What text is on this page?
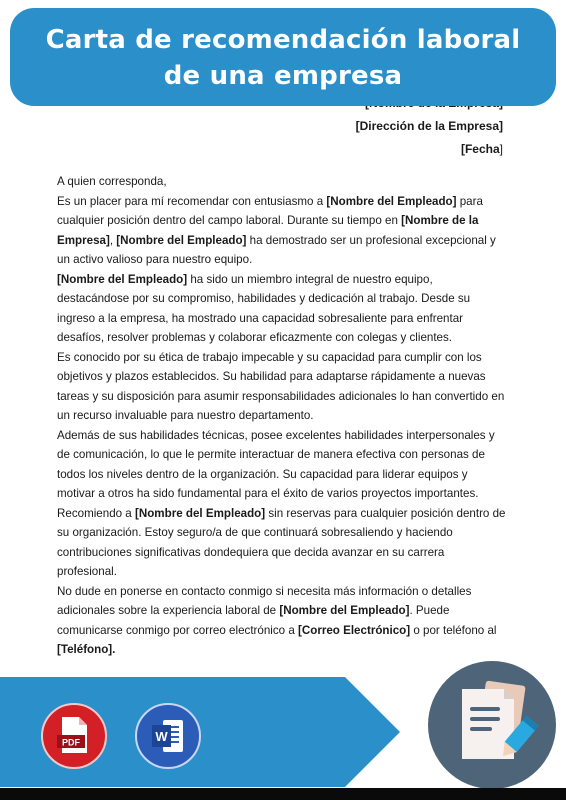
Carta de recomendación laboral de una empresa
[Dirección de la Empresa]
[Fecha]

A quien corresponda,

Es un placer para mí recomendar con entusiasmo a [Nombre del Empleado] para cualquier posición dentro del campo laboral. Durante su tiempo en [Nombre de la Empresa], [Nombre del Empleado] ha demostrado ser un profesional excepcional y un activo valioso para nuestro equipo.

[Nombre del Empleado] ha sido un miembro integral de nuestro equipo, destacándose por su compromiso, habilidades y dedicación al trabajo. Desde su ingreso a la empresa, ha mostrado una capacidad sobresaliente para enfrentar desafíos, resolver problemas y colaborar eficazmente con colegas y clientes.

Es conocido por su ética de trabajo impecable y su capacidad para cumplir con los objetivos y plazos establecidos. Su habilidad para adaptarse rápidamente a nuevas tareas y su disposición para asumir responsabilidades adicionales lo han convertido en un recurso invaluable para nuestro departamento.

Además de sus habilidades técnicas, posee excelentes habilidades interpersonales y de comunicación, lo que le permite interactuar de manera efectiva con personas de todos los niveles dentro de la organización. Su capacidad para liderar equipos y motivar a otros ha sido fundamental para el éxito de varios proyectos importantes.

Recomiendo a [Nombre del Empleado] sin reservas para cualquier posición dentro de su organización. Estoy seguro/a de que continuará sobresaliendo y haciendo contribuciones significativas dondequiera que decida avanzar en su carrera profesional.

No dude en ponerse en contacto conmigo si necesita más información o detalles adicionales sobre la experiencia laboral de [Nombre del Empleado]. Puede comunicarse conmigo por correo electrónico a [Correo Electrónico] o por teléfono al [Teléfono].

PDF	W
